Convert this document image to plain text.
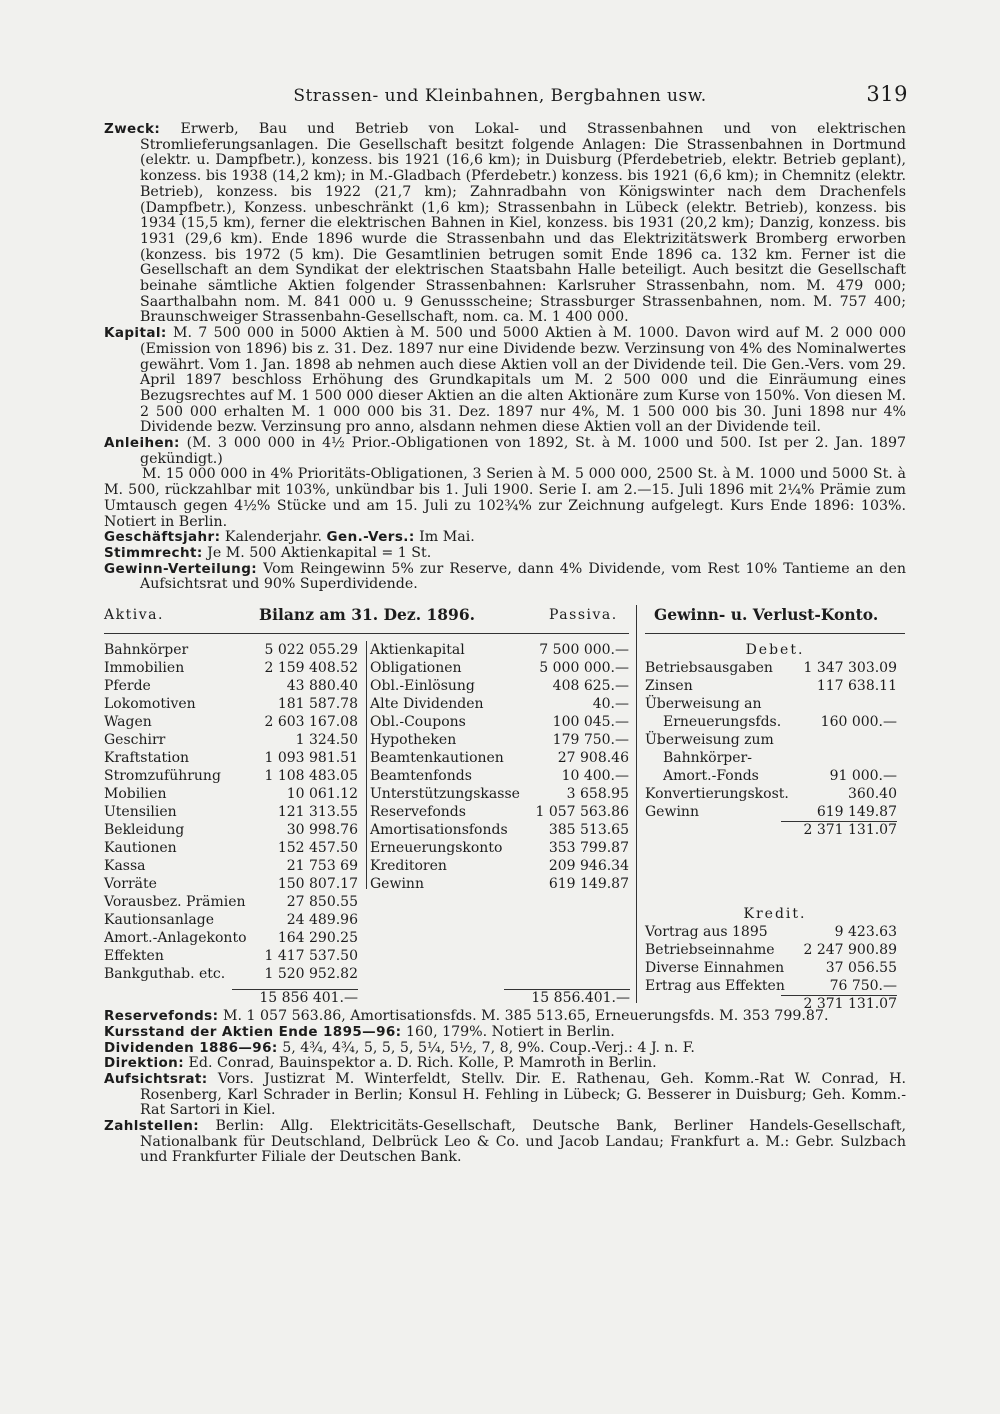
Strassen- und Kleinbahnen, Bergbahnen usw.	319

Zweck: Erwerb, Bau und Betrieb von Lokal- und Strassenbahnen und von elektrischen Stromlieferungsanlagen. Die Gesellschaft besitzt folgende Anlagen: Die Strassenbahnen in Dortmund (elektr. u. Dampfbetr.), konzess. bis 1921 (16,6 km); in Duisburg (Pferdebetrieb, elektr. Betrieb geplant), konzess. bis 1938 (14,2 km); in M.-Gladbach (Pferdebetr.) konzess. bis 1921 (6,6 km); in Chemnitz (elektr. Betrieb), konzess. bis 1922 (21,7 km); Zahnradbahn von Königswinter nach dem Drachenfels (Dampfbetr.), Konzess. unbeschränkt (1,6 km); Strassenbahn in Lübeck (elektr. Betrieb), konzess. bis 1934 (15,5 km), ferner die elektrischen Bahnen in Kiel, konzess. bis 1931 (20,2 km); Danzig, konzess. bis 1931 (29,6 km). Ende 1896 wurde die Strassenbahn und das Elektrizitätswerk Bromberg erworben (konzess. bis 1972 (5 km). Die Gesamtlinien betrugen somit Ende 1896 ca. 132 km. Ferner ist die Gesellschaft an dem Syndikat der elektrischen Staatsbahn Halle beteiligt. Auch besitzt die Gesellschaft beinahe sämtliche Aktien folgender Strassenbahnen: Karlsruher Strassenbahn, nom. M. 479 000; Saarthalbahn nom. M. 841 000 u. 9 Genussscheine; Strassburger Strassenbahnen, nom. M. 757 400; Braunschweiger Strassenbahn-Gesellschaft, nom. ca. M. 1 400 000.

Kapital: M. 7 500 000 in 5000 Aktien à M. 500 und 5000 Aktien à M. 1000. Davon wird auf M. 2 000 000 (Emission von 1896) bis z. 31. Dez. 1897 nur eine Dividende bezw. Verzinsung von 4% des Nominalwertes gewährt. Vom 1. Jan. 1898 ab nehmen auch diese Aktien voll an der Dividende teil. Die Gen.-Vers. vom 29. April 1897 beschloss Erhöhung des Grundkapitals um M. 2 500 000 und die Einräumung eines Bezugsrechtes auf M. 1 500 000 dieser Aktien an die alten Aktionäre zum Kurse von 150%. Von diesen M. 2 500 000 erhalten M. 1 000 000 bis 31. Dez. 1897 nur 4%, M. 1 500 000 bis 30. Juni 1898 nur 4% Dividende bezw. Verzinsung pro anno, alsdann nehmen diese Aktien voll an der Dividende teil.

Anleihen: (M. 3 000 000 in 4½ Prior.-Obligationen von 1892, St. à M. 1000 und 500. Ist per 2. Jan. 1897 gekündigt.)

M. 15 000 000 in 4% Prioritäts-Obligationen, 3 Serien à M. 5 000 000, 2500 St. à M. 1000 und 5000 St. à M. 500, rückzahlbar mit 103%, unkündbar bis 1. Juli 1900. Serie I. am 2.—15. Juli 1896 mit 2¼% Prämie zum Umtausch gegen 4½% Stücke und am 15. Juli zu 102¾% zur Zeichnung aufgelegt. Kurs Ende 1896: 103%. Notiert in Berlin.

Geschäftsjahr: Kalenderjahr. Gen.-Vers.: Im Mai.

Stimmrecht: Je M. 500 Aktienkapital = 1 St.

Gewinn-Verteilung: Vom Reingewinn 5% zur Reserve, dann 4% Dividende, vom Rest 10% Tantieme an den Aufsichtsrat und 90% Superdividende.

Aktiva.	Bilanz am 31. Dez. 1896.	Passiva. Gewinn- u. Verlust-Konto.
Bahnkörper	5 022 055.29
Immobilien	2 159 408.52
Pferde	43 880.40
Lokomotiven	181 587.78
Wagen	2 603 167.08
Geschirr	1 324.50
Kraftstation	1 093 981.51
Stromzuführung	1 108 483.05
Mobilien	10 061.12
Utensilien	121 313.55
Bekleidung	30 998.76
Kautionen	152 457.50
Kassa	21 753 69
Vorräte	150 807.17
Vorausbez. Prämien	27 850.55
Kautionsanlage	24 489.96
Amort.-Anlagekonto 164 290.25
Effekten	1 417 537.50
Bankguthab. etc.	1 520 952.82
Aktienkapital	7 500 000.—
Obligationen	5 000 000.—
Obl.-Einlösung	408 625.—
Alte Dividenden	40.—
Obl.-Coupons	100 045.—
Hypotheken	179 750.—
Beamtenkautionen	27 908.46
Beamtenfonds	10 400.—
Unterstützungskasse	3 658.95
Reservefonds	1 057 563.86
Amortisationsfonds	385 513.65
Erneuerungskonto	353 799.87
Kreditoren	209 946.34
Gewinn	619 149.87
15 856 401.—	15 856.401.—
Debet.
Betriebsausgaben 1 347 303.09
Zinsen	117 638.11
Überweisung an
Erneuerungsfds.	160 000.—
Überweisung zum
Bahnkörper-
Amort.-Fonds	91 000.—
Konvertierungskost.	360.40
Gewinn	619 149.87
2 371 131.07
Kredit.
Vortrag aus 1895	9 423.63
Betriebseinnahme 2 247 900.89
Diverse Einnahmen	37 056.55
Ertrag aus Effekten	76 750.—
2 371 131.07

Reservefonds: M. 1 057 563.86, Amortisationsfds. M. 385 513.65, Erneuerungsfds. M. 353 799.87.

Kursstand der Aktien Ende 1895—96: 160, 179%. Notiert in Berlin.

Dividenden 1886—96: 5, 4¾, 4¾, 5, 5, 5, 5¼, 5½, 7, 8, 9%. Coup.-Verj.: 4 J. n. F.

Direktion: Ed. Conrad, Bauinspektor a. D. Rich. Kolle, P. Mamroth in Berlin.

Aufsichtsrat: Vors. Justizrat M. Winterfeldt, Stellv. Dir. E. Rathenau, Geh. Komm.-Rat W. Conrad, H. Rosenberg, Karl Schrader in Berlin; Konsul H. Fehling in Lübeck; G. Besserer in Duisburg; Geh. Komm.-Rat Sartori in Kiel.

Zahlstellen: Berlin: Allg. Elektricitäts-Gesellschaft, Deutsche Bank, Berliner Handels-Gesellschaft, Nationalbank für Deutschland, Delbrück Leo & Co. und Jacob Landau; Frankfurt a. M.: Gebr. Sulzbach und Frankfurter Filiale der Deutschen Bank.
